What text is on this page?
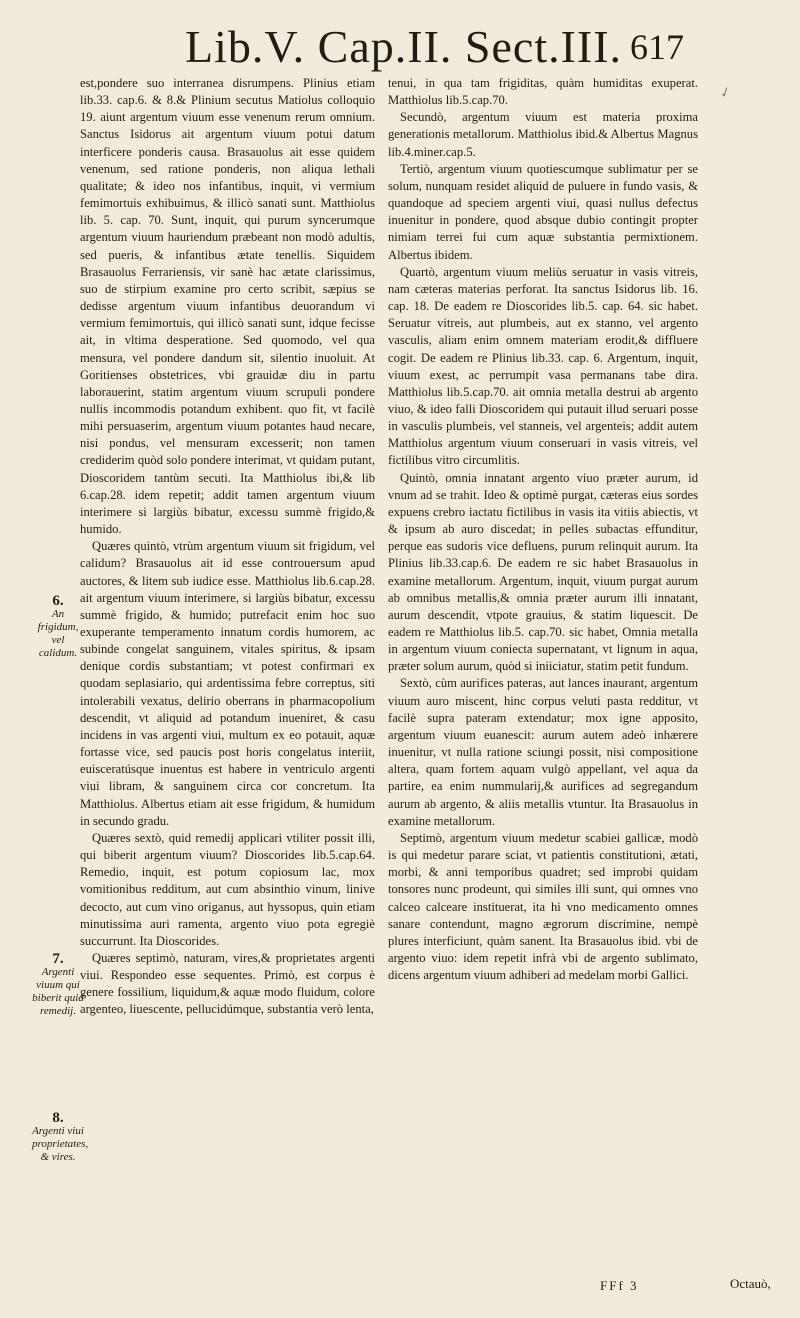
Lib.V. Cap.II. Sect.III. 617
✓
6.
An frigidum, vel calidum.
7.
Argenti viuum qui biberit quid remedij.
8.
Argenti viui proprietates, & vires.

est,pondere suo interranea disrumpens. Plinius etiam lib.33. cap.6. & 8.& Plinium secutus Matiolus colloquio 19. aiunt argentum viuum esse venenum rerum omnium. Sanctus Isidorus ait argentum viuum potui datum interficere ponderis causa. Brasauolus ait esse quidem venenum, sed ratione ponderis, non aliqua lethali qualitate; & ideo nos infantibus, inquit, vi vermium femimortuis exhibuimus, & illicò sanati sunt. Matthiolus lib. 5. cap. 70. Sunt, inquit, qui purum syncerumque argentum viuum hauriendum præbeant non modò adultis, sed pueris, & infantibus ætate tenellis. Siquidem Brasauolus Ferrariensis, vir sanè hac ætate clarissimus, suo de stirpium examine pro certo scribit, sæpius se dedisse argentum viuum infantibus deuorandum vi vermium femimortuis, qui illicò sanati sunt, idque fecisse ait, in vltima desperatione. Sed quomodo, vel qua mensura, vel pondere dandum sit, silentio inuoluit. At Goritienses obstetrices, vbi grauidæ diu in partu laborauerint, statim argentum viuum scrupuli pondere nullis incommodis potandum exhibent. quo fit, vt facilè mihi persuaserim, argentum viuum potantes haud necare, nisi pondus, vel mensuram excesserit; non tamen crediderim quòd solo pondere interimat, vt quidam putant, Dioscoridem tantùm secuti. Ita Matthiolus ibi,& lib 6.cap.28. idem repetit; addit tamen argentum viuum interimere si largiùs bibatur, excessu summè frigido,& humido.

Quæres quintò, vtrùm argentum viuum sit frigidum, vel calidum? Brasauolus ait id esse controuersum apud auctores, & litem sub iudice esse. Matthiolus lib.6.cap.28. ait argentum viuum interimere, si largiùs bibatur, excessu summè frigido, & humido; putrefacit enim hoc suo exuperante temperamento innatum cordis humorem, ac subinde congelat sanguinem, vitales spiritus, & ipsam denique cordis substantiam; vt potest confirmari ex quodam seplasiario, qui ardentissima febre correptus, siti intolerabili vexatus, delirio oberrans in pharmacopolium descendit, vt aliquid ad potandum inueniret, & casu incidens in vas argenti viui, multum ex eo potauit, aquæ fortasse vice, sed paucis post horis congelatus interiit, euisceratúsque inuentus est habere in ventriculo argenti viui libram, & sanguinem circa cor concretum. Ita Matthiolus. Albertus etiam ait esse frigidum, & humidum in secundo gradu.

Quæres sextò, quid remedij applicari vtiliter possit illi, qui biberit argentum viuum? Dioscorides lib.5.cap.64. Remedio, inquit, est potum copiosum lac, mox vomitionibus redditum, aut cum absinthio vinum, linive decocto, aut cum vino origanus, aut hyssopus, quin etiam minutissima auri ramenta, argento viuo pota egregiè succurrunt. Ita Dioscorides.

Quæres septimò, naturam, vires,& proprietates argenti viui. Respondeo esse sequentes. Primò, est corpus è genere fossilium, liquidum,& aquæ modo fluidum, colore argenteo, liuescente, pellucidúmque, substantia verò lenta,

tenui, in qua tam frigiditas, quàm humiditas exuperat. Matthiolus lib.5.cap.70.

Secundò, argentum viuum est materia proxima generationis metallorum. Matthiolus ibid.& Albertus Magnus lib.4.miner.cap.5.

Tertiò, argentum viuum quotiescumque sublimatur per se solum, nunquam residet aliquid de puluere in fundo vasis, & quandoque ad speciem argenti viui, quasi nullus defectus inuenitur in pondere, quod absque dubio contingit propter nimiam terrei fui cum aquæ substantia permixtionem. Albertus ibidem.

Quartò, argentum viuum meliùs seruatur in vasis vitreis, nam cæteras materias perforat. Ita sanctus Isidorus lib. 16. cap. 18. De eadem re Dioscorides lib.5. cap. 64. sic habet. Seruatur vitreis, aut plumbeis, aut ex stanno, vel argento vasculis, aliam enim omnem materiam erodit,& diffluere cogit. De eadem re Plinius lib.33. cap. 6. Argentum, inquit, viuum exest, ac perrumpit vasa permanans tabe dira. Matthiolus lib.5.cap.70. ait omnia metalla destrui ab argento viuo, & ideo falli Dioscoridem qui putauit illud seruari posse in vasculis plumbeis, vel stanneis, vel argenteis; addit autem Matthiolus argentum viuum conseruari in vasis vitreis, vel fictilibus vitro circumlitis.

Quintò, omnia innatant argento viuo præter aurum, id vnum ad se trahit. Ideo & optimè purgat, cæteras eius sordes expuens crebro iactatu fictilibus in vasis ita vitiis abiectis, vt & ipsum ab auro discedat; in pelles subactas effunditur, perque eas sudoris vice defluens, purum relinquit aurum. Ita Plinius lib.33.cap.6. De eadem re sic habet Brasauolus in examine metallorum. Argentum, inquit, viuum purgat aurum ab omnibus metallis,& omnia præter aurum illi innatant, aurum descendit, vtpote grauius, & statim liquescit. De eadem re Matthiolus lib.5. cap.70. sic habet, Omnia metalla in argentum viuum coniecta supernatant, vt lignum in aqua, præter solum aurum, quòd si iniiciatur, statim petit fundum.

Sextò, cùm aurifices pateras, aut lances inaurant, argentum viuum auro miscent, hinc corpus veluti pasta redditur, vt facilè supra pateram extendatur; mox igne apposito, argentum viuum euanescit: aurum autem adeò inhærere inuenitur, vt nulla ratione sciungi possit, nisi compositione altera, quam fortem aquam vulgò appellant, vel aqua da partire, ea enim nummularij,& aurifices ad segregandum aurum ab argento, & aliis metallis vtuntur. Ita Brasauolus in examine metallorum.

Septimò, argentum viuum medetur scabiei gallicæ, modò is qui medetur parare sciat, vt patientis constitutioni, ætati, morbi, & anni temporibus quadret; sed improbi quidam tonsores nunc prodeunt, qui similes illi sunt, qui omnes vno calceo calceare instituerat, ita hi vno medicamento omnes sanare contendunt, magno ægrorum discrimine, nempè plures interficiunt, quàm sanent. Ita Brasauolus ibid. vbi de argento viuo: idem repetit infrà vbi de argento sublimato, dicens argentum viuum adhiberi ad medelam morbi Gallici.

FFf 3	Octauò,
